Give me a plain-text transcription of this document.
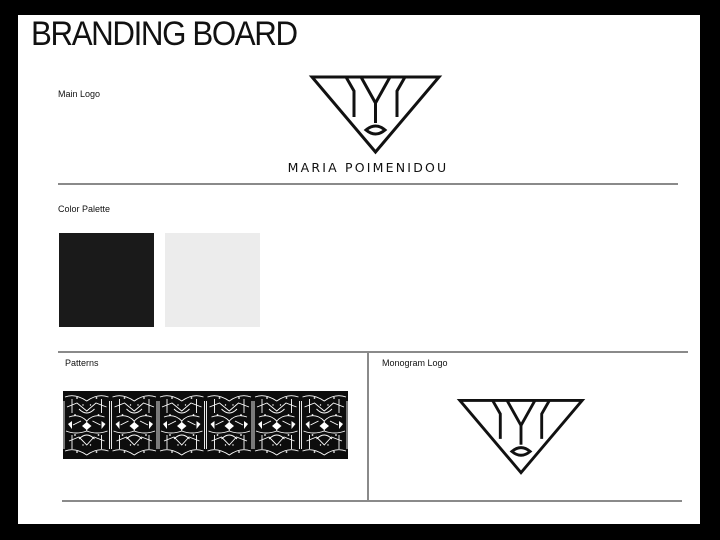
BRANDING BOARD
Main Logo
MARIA POIMENIDOU
Color Palette
Patterns	Monogram Logo
